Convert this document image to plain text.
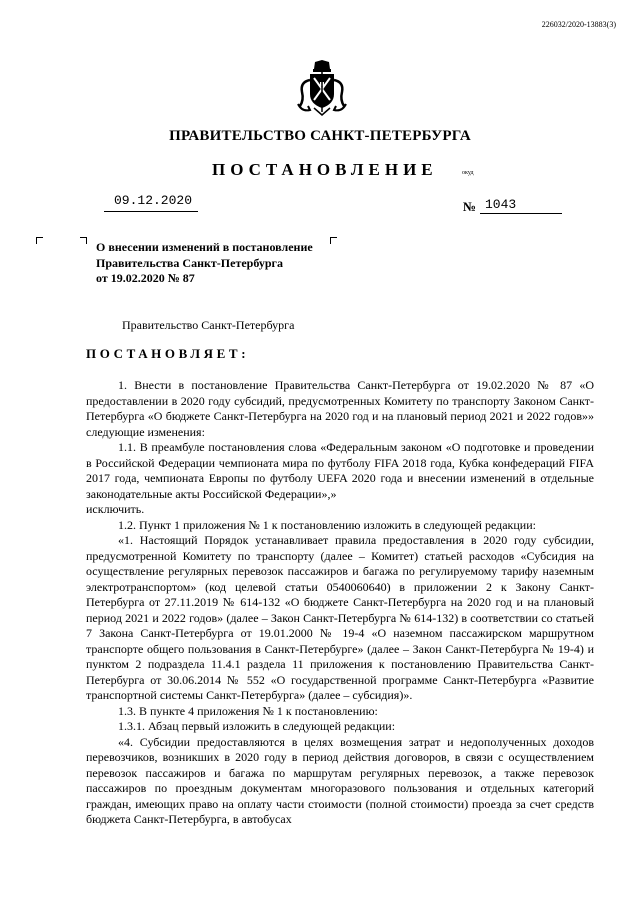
226032/2020-13883(3)
ПРАВИТЕЛЬСТВО САНКТ-ПЕТЕРБУРГА
ПОСТАНОВЛЕНИЕ	окуд
09.12.2020	№ 1043
О внесении изменений в постановление
Правительства Санкт-Петербурга
от 19.02.2020 № 87
Правительство Санкт-Петербурга
ПОСТАНОВЛЯЕТ:

1. Внести в постановление Правительства Санкт-Петербурга от 19.02.2020 № 87 «О предоставлении в 2020 году субсидий, предусмотренных Комитету по транспорту Законом Санкт-Петербурга «О бюджете Санкт-Петербурга на 2020 год и на плановый период 2021 и 2022 годов»» следующие изменения:

1.1. В преамбуле постановления слова «Федеральным законом «О подготовке и проведении в Российской Федерации чемпионата мира по футболу FIFA 2018 года, Кубка конфедераций FIFA 2017 года, чемпионата Европы по футболу UEFA 2020 года и внесении изменений в отдельные законодательные акты Российской Федерации»,»

исключить.

1.2. Пункт 1 приложения № 1 к постановлению изложить в следующей редакции:

«1. Настоящий Порядок устанавливает правила предоставления в 2020 году субсидии, предусмотренной Комитету по транспорту (далее – Комитет) статьей расходов «Субсидия на осуществление регулярных перевозок пассажиров и багажа по регулируемому тарифу наземным электротранспортом» (код целевой статьи 0540060640) в приложении 2 к Закону Санкт-Петербурга от 27.11.2019 № 614-132 «О бюджете Санкт-Петербурга на 2020 год и на плановый период 2021 и 2022 годов» (далее – Закон Санкт-Петербурга № 614-132) в соответствии со статьей 7 Закона Санкт-Петербурга от 19.01.2000 № 19-4 «О наземном пассажирском маршрутном транспорте общего пользования в Санкт-Петербурге» (далее – Закон Санкт-Петербурга № 19-4) и пунктом 2 подраздела 11.4.1 раздела 11 приложения к постановлению Правительства Санкт-Петербурга от 30.06.2014 № 552 «О государственной программе Санкт-Петербурга «Развитие транспортной системы Санкт-Петербурга» (далее – субсидия)».

1.3. В пункте 4 приложения № 1 к постановлению:

1.3.1. Абзац первый изложить в следующей редакции:

«4. Субсидии предоставляются в целях возмещения затрат и недополученных доходов перевозчиков, возникших в 2020 году в период действия договоров, в связи с осуществлением перевозок пассажиров и багажа по маршрутам регулярных перевозок, а также перевозок пассажиров по проездным документам многоразового пользования и отдельных категорий граждан, имеющих право на оплату части стоимости (полной стоимости) проезда за счет средств бюджета Санкт-Петербурга, в автобусах
